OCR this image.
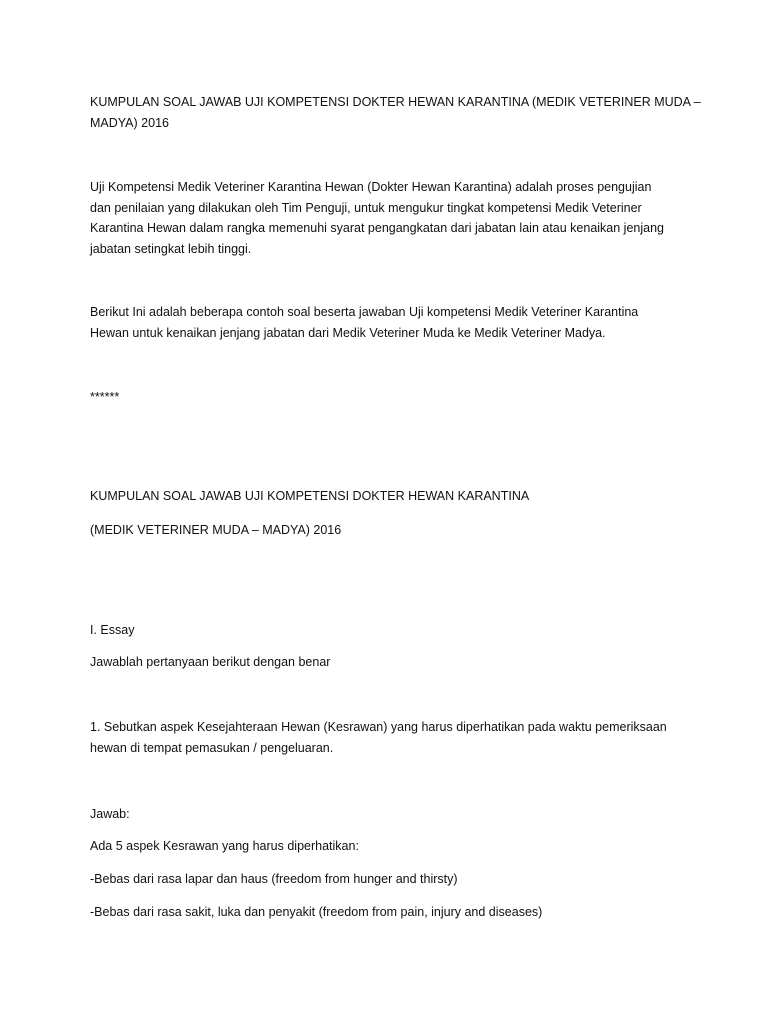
KUMPULAN SOAL JAWAB UJI KOMPETENSI DOKTER HEWAN KARANTINA (MEDIK VETERINER MUDA –
MADYA) 2016

Uji Kompetensi Medik Veteriner Karantina Hewan (Dokter Hewan Karantina) adalah proses pengujian
dan penilaian yang dilakukan oleh Tim Penguji, untuk mengukur tingkat kompetensi Medik Veteriner
Karantina Hewan dalam rangka memenuhi syarat pengangkatan dari jabatan lain atau kenaikan jenjang
jabatan setingkat lebih tinggi.

Berikut Ini adalah beberapa contoh soal beserta jawaban Uji kompetensi Medik Veteriner Karantina
Hewan untuk kenaikan jenjang jabatan dari Medik Veteriner Muda ke Medik Veteriner Madya.

******

KUMPULAN SOAL JAWAB UJI KOMPETENSI DOKTER HEWAN KARANTINA

(MEDIK VETERINER MUDA – MADYA) 2016

I. Essay

Jawablah pertanyaan berikut dengan benar

1. Sebutkan aspek Kesejahteraan Hewan (Kesrawan) yang harus diperhatikan pada waktu pemeriksaan
hewan di tempat pemasukan / pengeluaran.

Jawab:

Ada 5 aspek Kesrawan yang harus diperhatikan:

-Bebas dari rasa lapar dan haus (freedom from hunger and thirsty)

-Bebas dari rasa sakit, luka dan penyakit (freedom from pain, injury and diseases)
